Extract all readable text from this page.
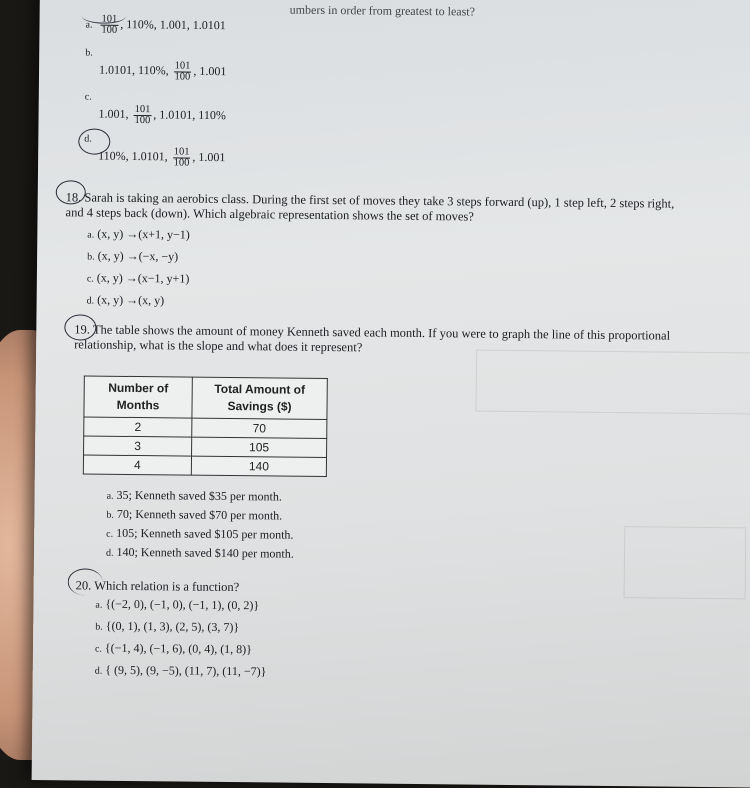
umbers in order from greatest to least?
a. $\frac{101}{100}$ , 110%, 1.001, 1.0101
$^{b.}$
1.0101, 110%, $\frac{101}{100}$ , 1.001
c.
1.001, $\frac{101}{100}$ , 1.0101, 110%
d.
110%, 1.0101, $\frac{101}{100}$ , 1.001
18. Sarah is taking an aerobics class. During the first set of moves they take 3 steps forward (up), 1 step left, 2 steps right,
and 4 steps back (down). Which algebraic representation shows the set of moves?
a. (x, y) →(x+1, y−1)
b. (x, y) →(−x, −y)
c. (x, y) →(x−1, y+1)
d. (x, y) →(x, y)
19. The table shows the amount of money Kenneth saved each month. If you were to graph the line of this proportional
relationship, what is the slope and what does it represent?
Number of Months	Total Amount of Savings ($)
2	70
3	105
4	140
a. 35; Kenneth saved $35 per month.
b. 70; Kenneth saved $70 per month.
c. 105; Kenneth saved $105 per month.
d. 140; Kenneth saved $140 per month.
20. Which relation is a function?
a. {(−2, 0), (−1, 0), (−1, 1), (0, 2)}
b. {(0, 1), (1, 3), (2, 5), (3, 7)}
c. {(−1, 4), (−1, 6), (0, 4), (1, 8)}
d. { (9, 5), (9, −5), (11, 7), (11, −7)}
